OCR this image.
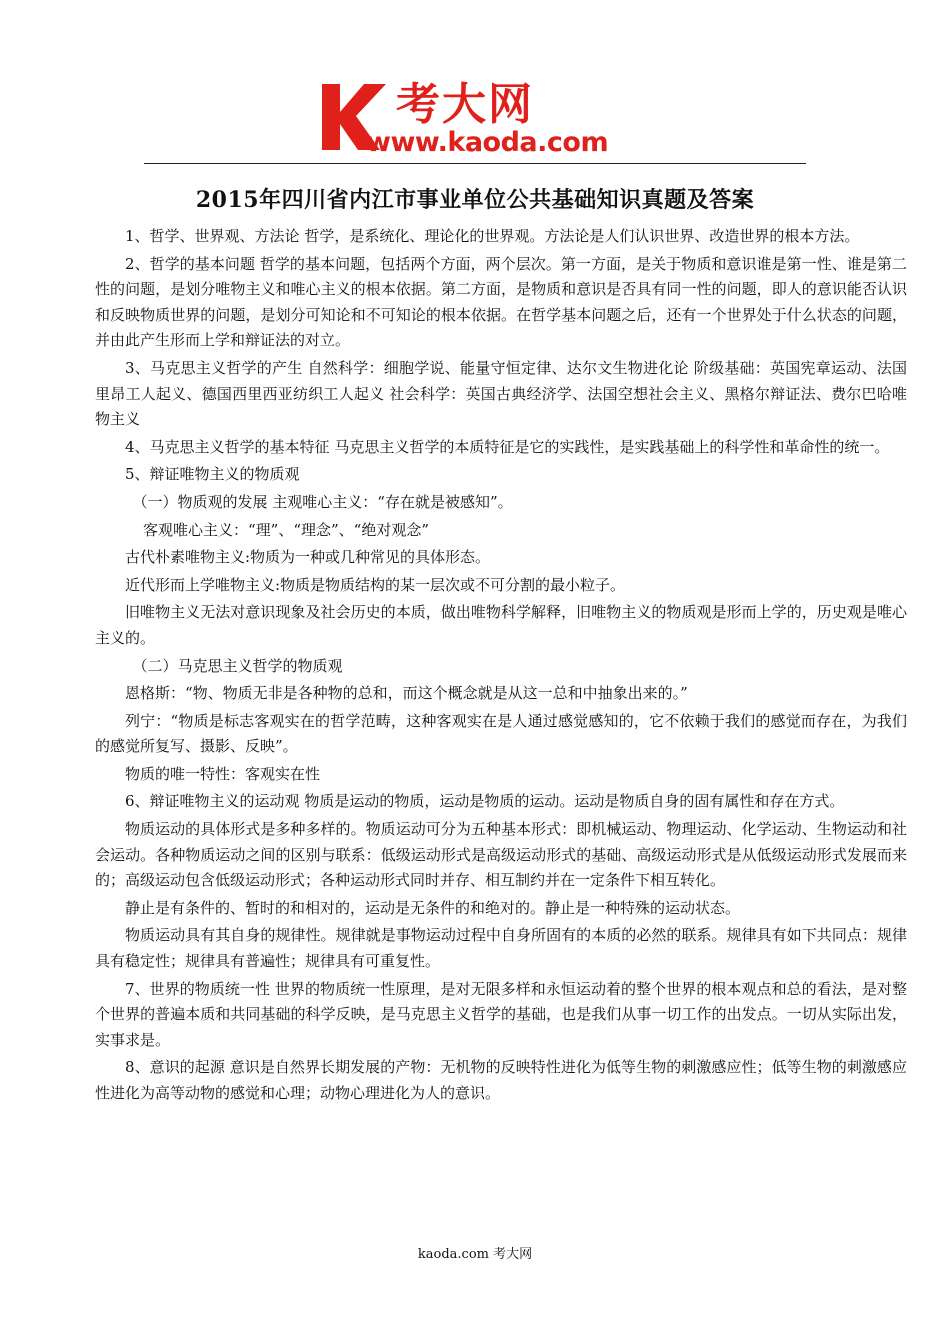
考大网
www.kaoda.com
2015年四川省内江市事业单位公共基础知识真题及答案

1、哲学、世界观、方法论 哲学，是系统化、理论化的世界观。方法论是人们认识世界、改造世界的根本方法。

2、哲学的基本问题 哲学的基本问题，包括两个方面，两个层次。第一方面，是关于物质和意识谁是第一性、谁是第二性的问题，是划分唯物主义和唯心主义的根本依据。第二方面，是物质和意识是否具有同一性的问题，即人的意识能否认识和反映物质世界的问题，是划分可知论和不可知论的根本依据。在哲学基本问题之后，还有一个世界处于什么状态的问题，并由此产生形而上学和辩证法的对立。

3、马克思主义哲学的产生 自然科学：细胞学说、能量守恒定律、达尔文生物进化论 阶级基础：英国宪章运动、法国里昂工人起义、德国西里西亚纺织工人起义 社会科学：英国古典经济学、法国空想社会主义、黑格尔辩证法、费尔巴哈唯物主义

4、马克思主义哲学的基本特征 马克思主义哲学的本质特征是它的实践性，是实践基础上的科学性和革命性的统一。

5、辩证唯物主义的物质观

（一）物质观的发展 主观唯心主义：“存在就是被感知”。

客观唯心主义：“理”、“理念”、“绝对观念”

古代朴素唯物主义:物质为一种或几种常见的具体形态。

近代形而上学唯物主义:物质是物质结构的某一层次或不可分割的最小粒子。

旧唯物主义无法对意识现象及社会历史的本质，做出唯物科学解释，旧唯物主义的物质观是形而上学的，历史观是唯心主义的。

（二）马克思主义哲学的物质观

恩格斯：“物、物质无非是各种物的总和，而这个概念就是从这一总和中抽象出来的。”

列宁：“物质是标志客观实在的哲学范畴，这种客观实在是人通过感觉感知的，它不依赖于我们的感觉而存在，为我们的感觉所复写、摄影、反映”。

物质的唯一特性：客观实在性

6、辩证唯物主义的运动观 物质是运动的物质，运动是物质的运动。运动是物质自身的固有属性和存在方式。

物质运动的具体形式是多种多样的。物质运动可分为五种基本形式：即机械运动、物理运动、化学运动、生物运动和社会运动。各种物质运动之间的区别与联系：低级运动形式是高级运动形式的基础、高级运动形式是从低级运动形式发展而来的；高级运动包含低级运动形式；各种运动形式同时并存、相互制约并在一定条件下相互转化。

静止是有条件的、暂时的和相对的，运动是无条件的和绝对的。静止是一种特殊的运动状态。

物质运动具有其自身的规律性。规律就是事物运动过程中自身所固有的本质的必然的联系。规律具有如下共同点：规律具有稳定性；规律具有普遍性；规律具有可重复性。

7、世界的物质统一性 世界的物质统一性原理，是对无限多样和永恒运动着的整个世界的根本观点和总的看法，是对整个世界的普遍本质和共同基础的科学反映，是马克思主义哲学的基础，也是我们从事一切工作的出发点。一切从实际出发，实事求是。

8、意识的起源 意识是自然界长期发展的产物：无机物的反映特性进化为低等生物的刺激感应性；低等生物的刺激感应性进化为高等动物的感觉和心理；动物心理进化为人的意识。

kaoda.com 考大网
